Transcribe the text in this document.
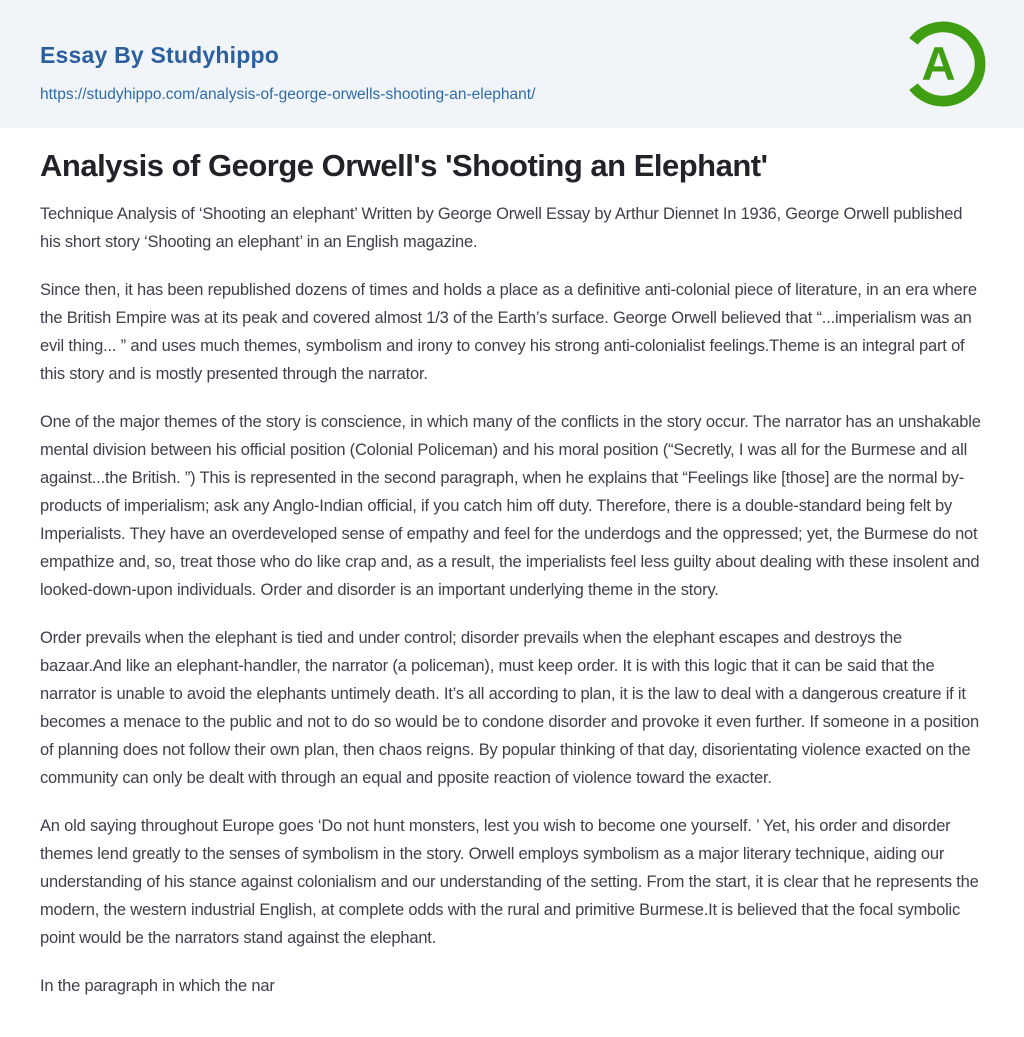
Essay By Studyhippo
https://studyhippo.com/analysis-of-george-orwells-shooting-an-elephant/
A
Analysis of George Orwell's 'Shooting an Elephant'

Technique Analysis of ‘Shooting an elephant’ Written by George Orwell Essay by Arthur Diennet In 1936, George Orwell published his short story ‘Shooting an elephant’ in an English magazine.

Since then, it has been republished dozens of times and holds a place as a definitive anti-colonial piece of literature, in an era where the British Empire was at its peak and covered almost 1/3 of the Earth’s surface. George Orwell believed that “...imperialism was an evil thing... ” and uses much themes, symbolism and irony to convey his strong anti-colonialist feelings.Theme is an integral part of this story and is mostly presented through the narrator.

One of the major themes of the story is conscience, in which many of the conflicts in the story occur. The narrator has an unshakable mental division between his official position (Colonial Policeman) and his moral position (“Secretly, I was all for the Burmese and all against...the British. ”) This is represented in the second paragraph, when he explains that “Feelings like [those] are the normal by-products of imperialism; ask any Anglo-Indian official, if you catch him off duty. Therefore, there is a double-standard being felt by Imperialists. They have an overdeveloped sense of empathy and feel for the underdogs and the oppressed; yet, the Burmese do not empathize and, so, treat those who do like crap and, as a result, the imperialists feel less guilty about dealing with these insolent and looked-down-upon individuals. Order and disorder is an important underlying theme in the story.

Order prevails when the elephant is tied and under control; disorder prevails when the elephant escapes and destroys the bazaar.And like an elephant-handler, the narrator (a policeman), must keep order. It is with this logic that it can be said that the narrator is unable to avoid the elephants untimely death. It’s all according to plan, it is the law to deal with a dangerous creature if it becomes a menace to the public and not to do so would be to condone disorder and provoke it even further. If someone in a position of planning does not follow their own plan, then chaos reigns. By popular thinking of that day, disorientating violence exacted on the community can only be dealt with through an equal and pposite reaction of violence toward the exacter.

An old saying throughout Europe goes ‘Do not hunt monsters, lest you wish to become one yourself. ’ Yet, his order and disorder themes lend greatly to the senses of symbolism in the story. Orwell employs symbolism as a major literary technique, aiding our understanding of his stance against colonialism and our understanding of the setting. From the start, it is clear that he represents the modern, the western industrial English, at complete odds with the rural and primitive Burmese.It is believed that the focal symbolic point would be the narrators stand against the elephant.

In the paragraph in which the nar
